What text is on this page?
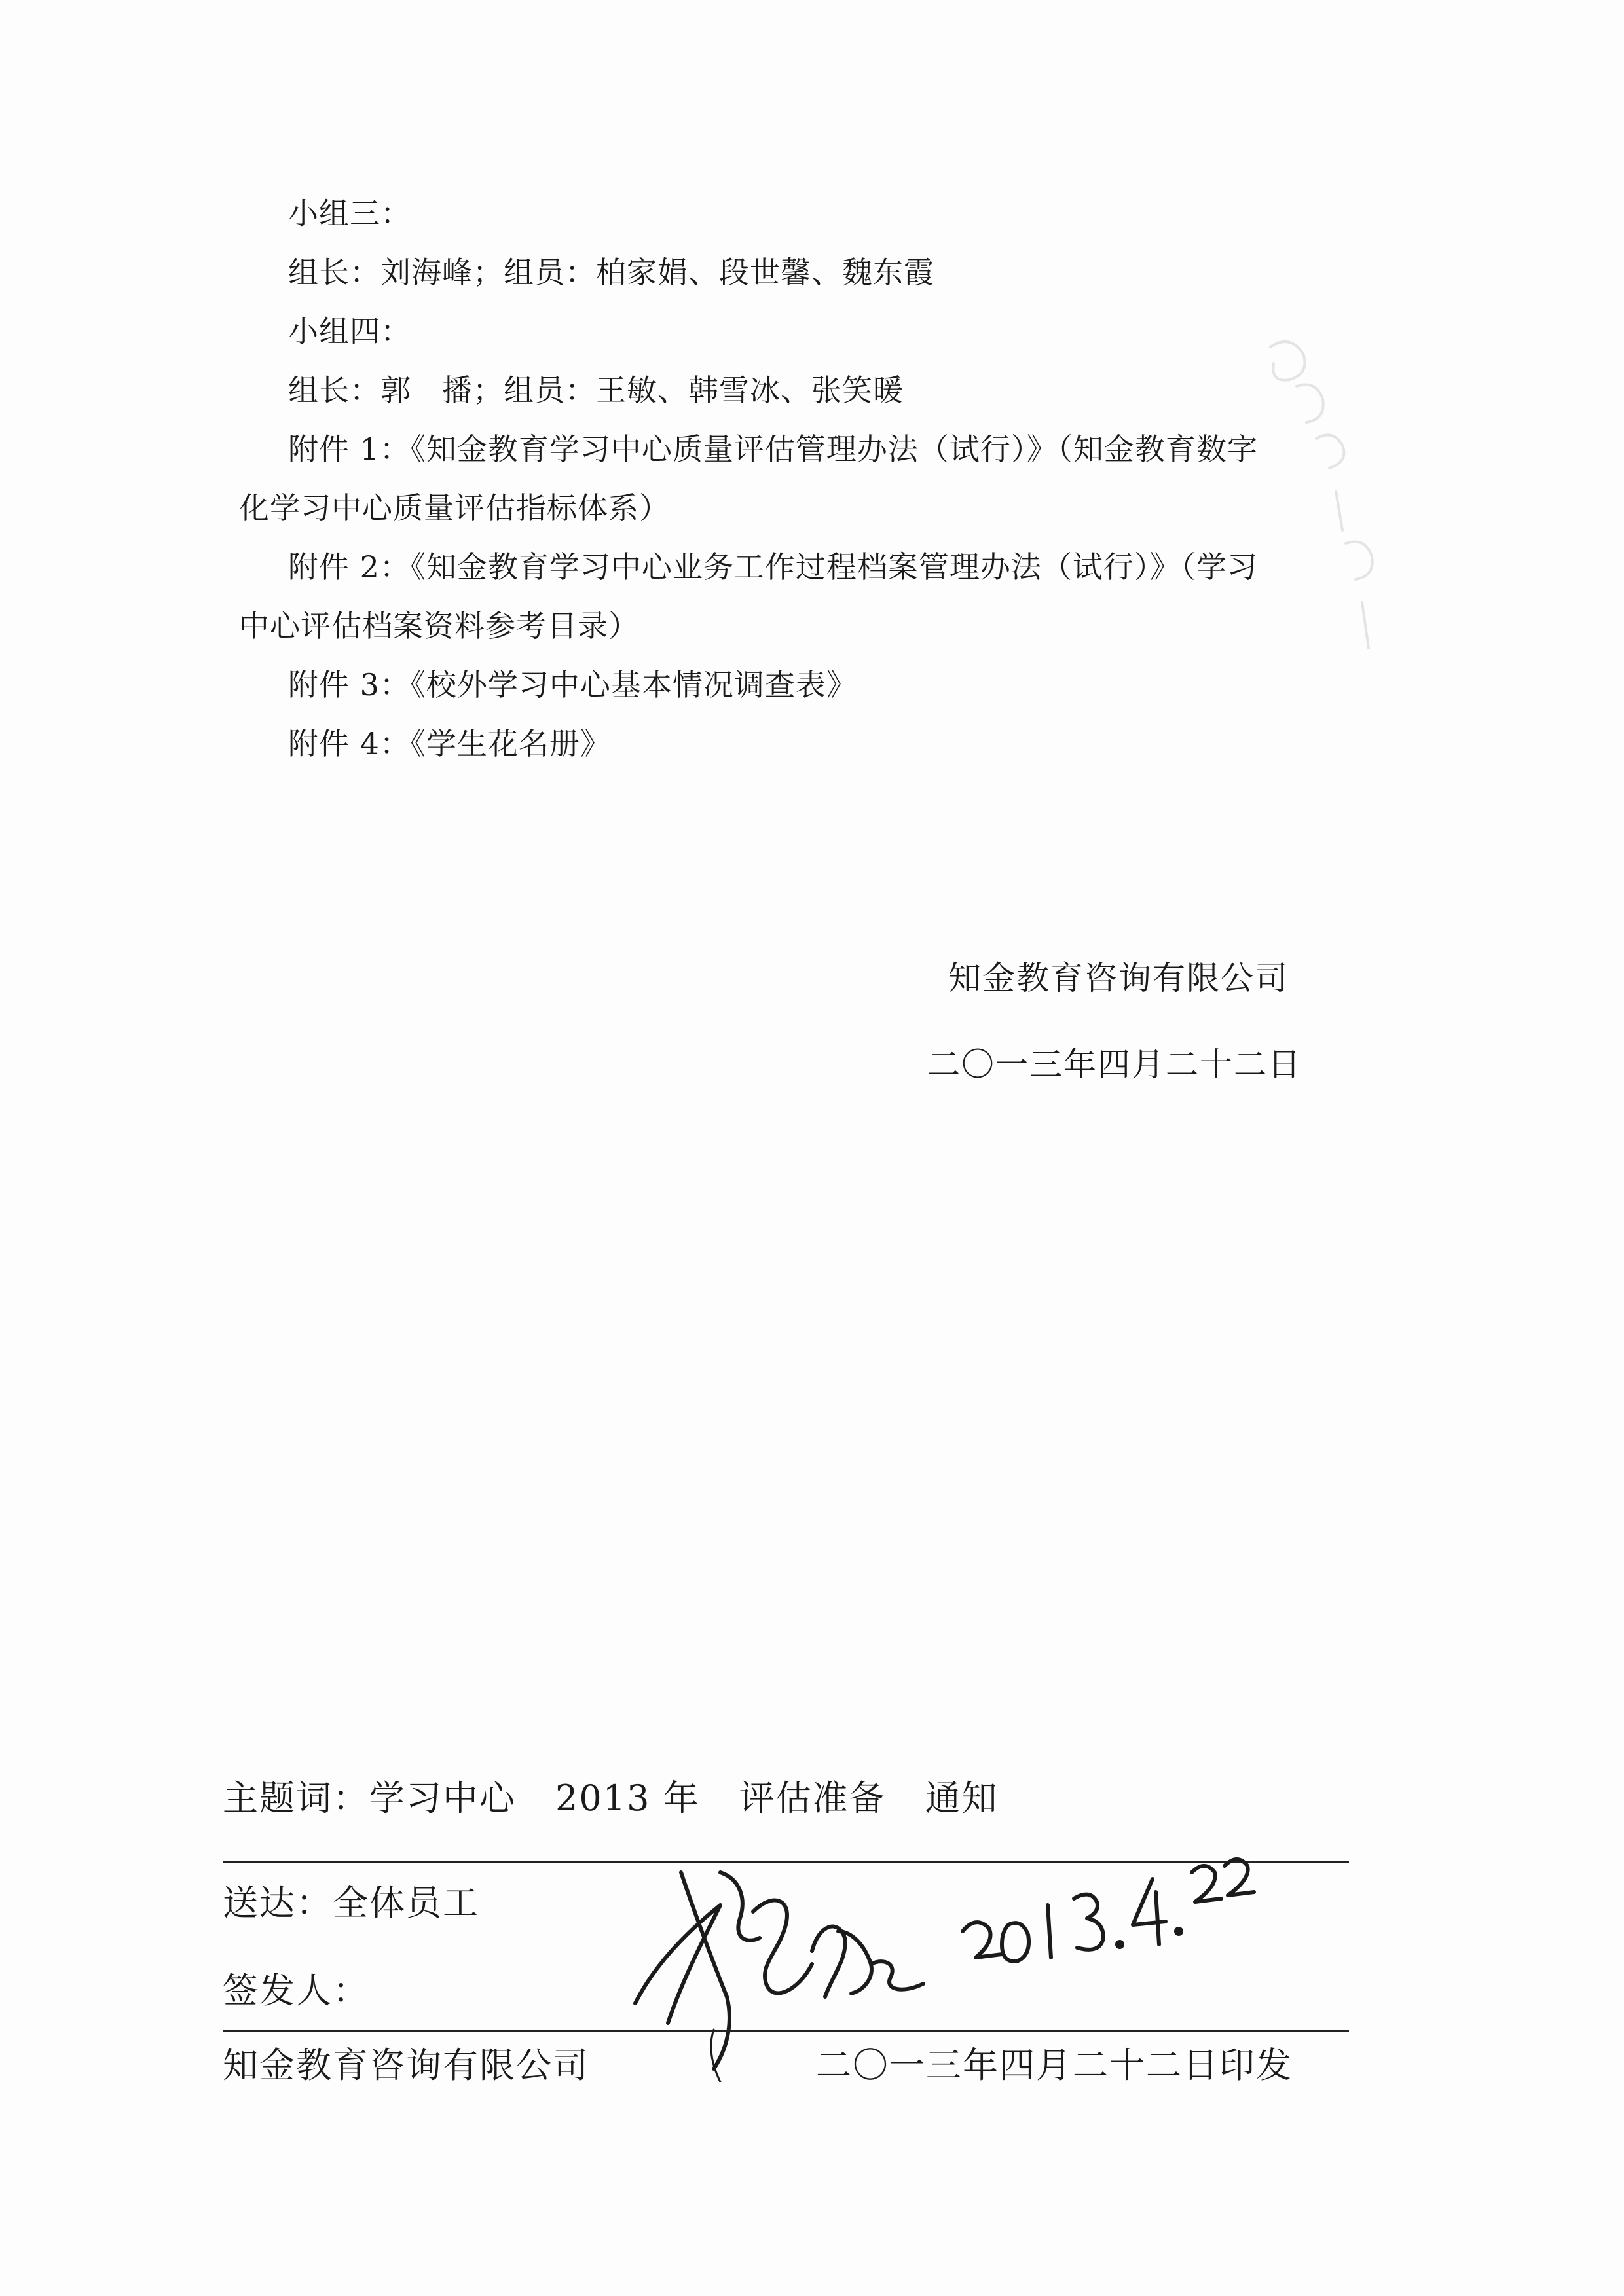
小组三：
组长：刘海峰；组员：柏家娟、段世馨、魏东霞
小组四：
组长：郭　播；组员：王敏、韩雪冰、张笑暖
附件 1：《知金教育学习中心质量评估管理办法（试行）》（知金教育数字
化学习中心质量评估指标体系）
附件 2：《知金教育学习中心业务工作过程档案管理办法（试行）》（学习
中心评估档案资料参考目录）
附件 3：《校外学习中心基本情况调查表》
附件 4：《学生花名册》
知金教育咨询有限公司
二〇一三年四月二十二日
主题词：学习中心 2013 年 评估准备 通知
送达：全体员工
签发人：
知金教育咨询有限公司	二〇一三年四月二十二日印发
